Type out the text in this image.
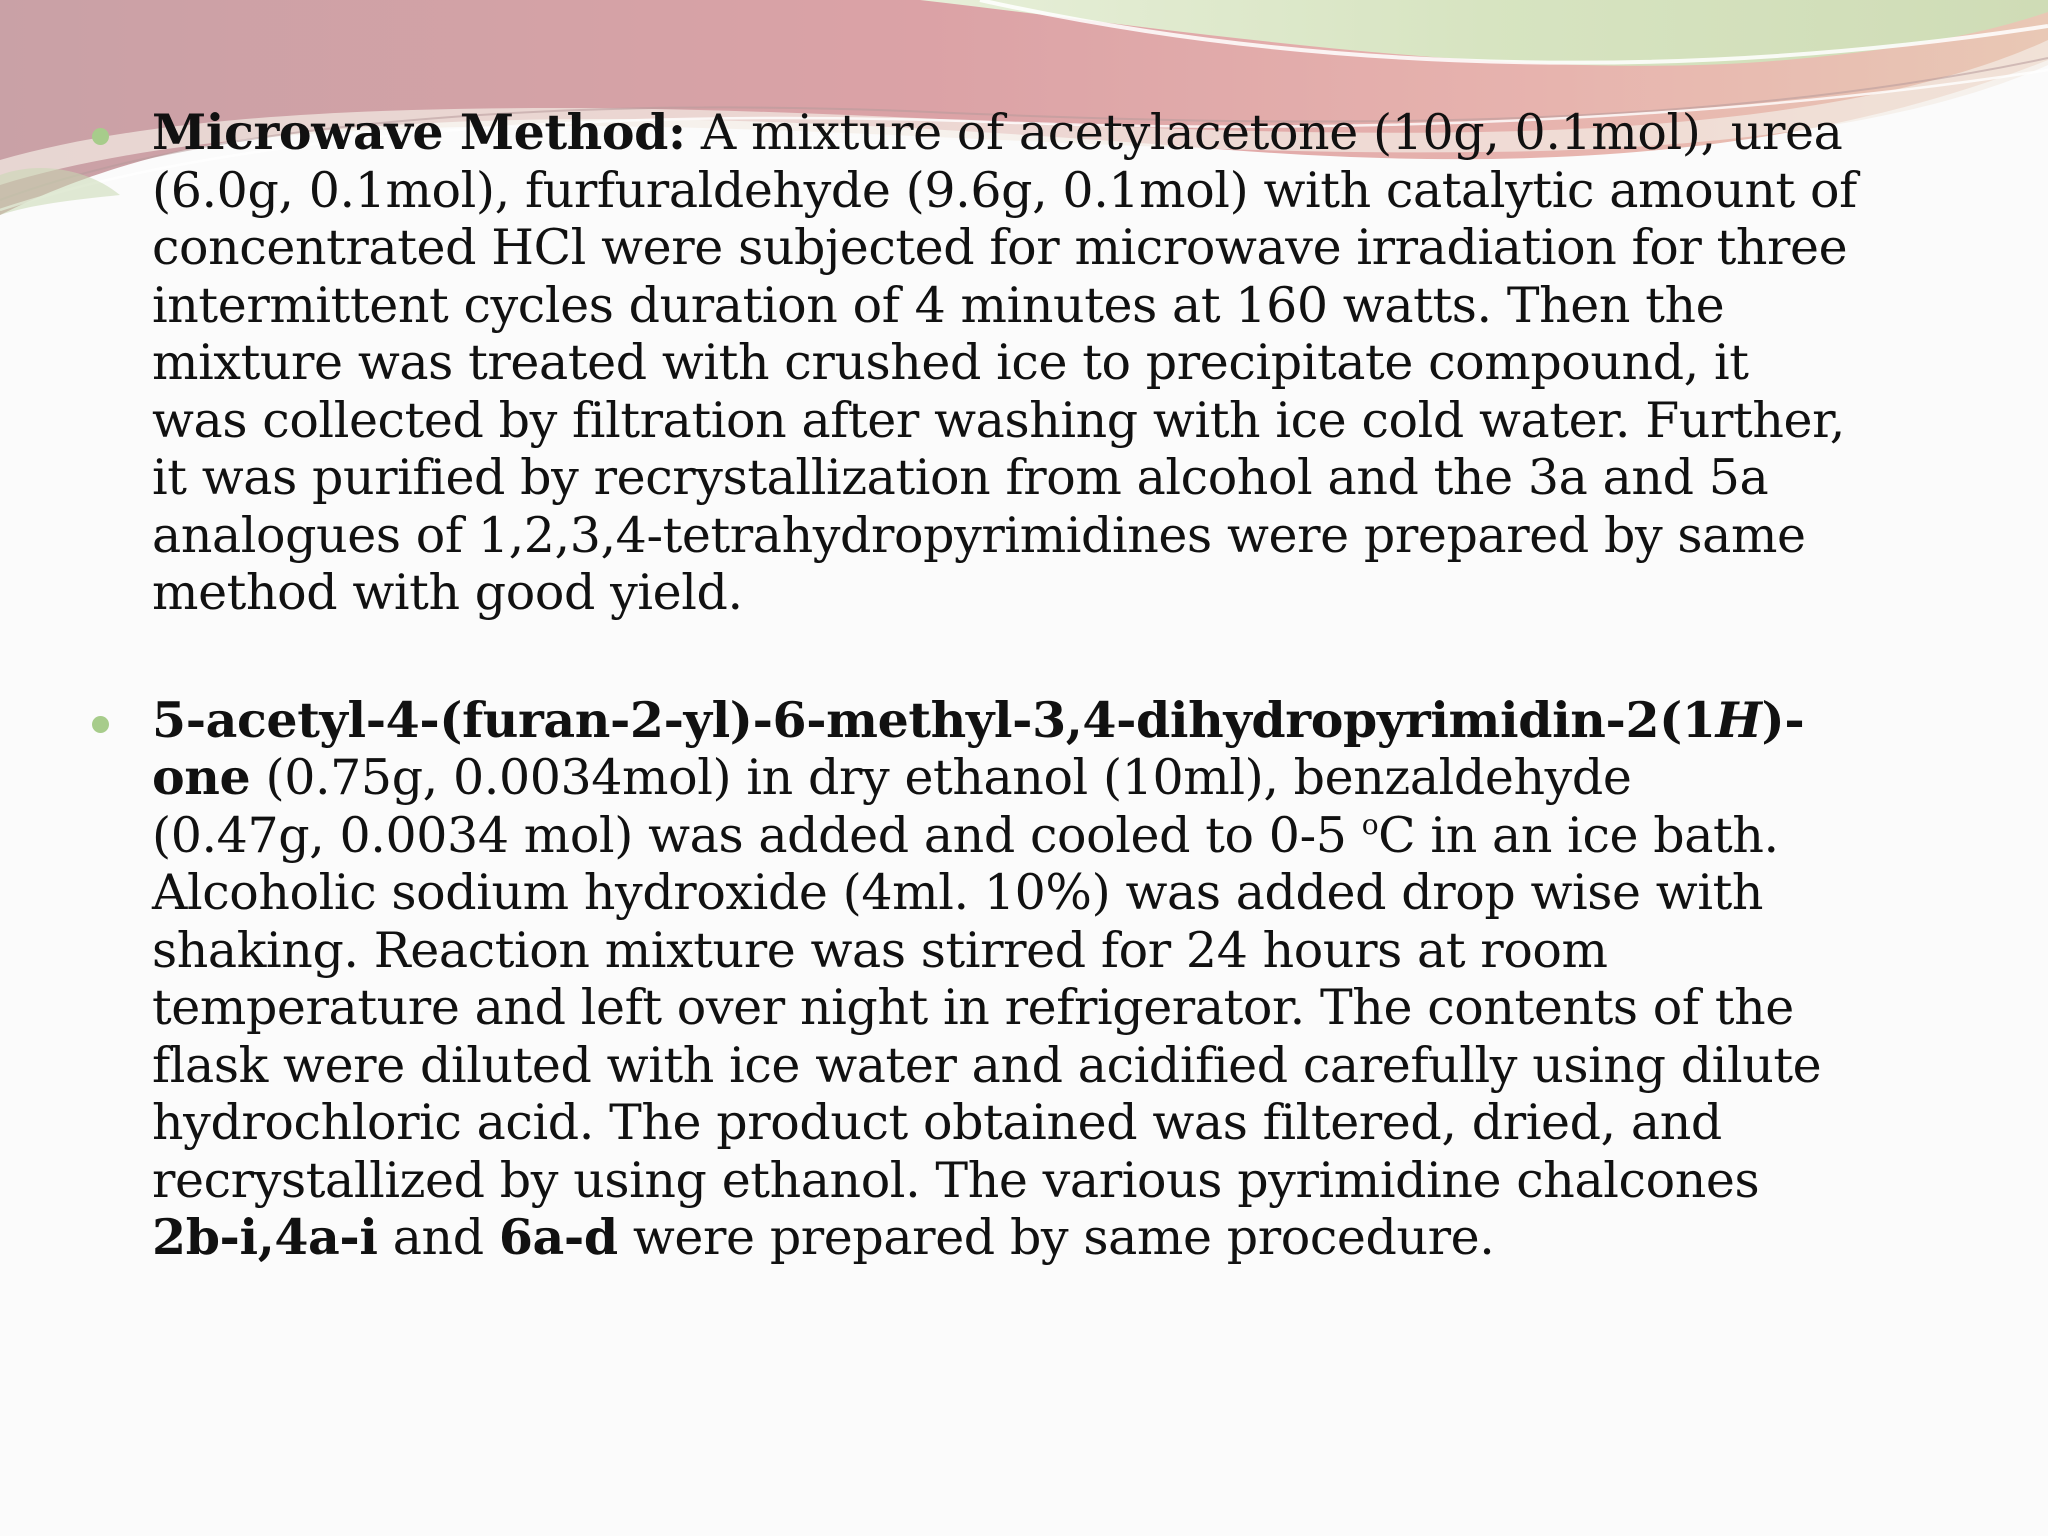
Microwave Method: A mixture of acetylacetone (10g, 0.1mol), urea
(6.0g, 0.1mol), furfuraldehyde (9.6g, 0.1mol) with catalytic amount of
concentrated HCl were subjected for microwave irradiation for three
intermittent cycles duration of 4 minutes at 160 watts. Then the
mixture was treated with crushed ice to precipitate compound, it
was collected by filtration after washing with ice cold water. Further,
it was purified by recrystallization from alcohol and the 3a and 5a
analogues of 1,2,3,4-tetrahydropyrimidines were prepared by same
method with good yield.
5-acetyl-4-(furan-2-yl)-6-methyl-3,4-dihydropyrimidin-2(1H)-
one (0.75g, 0.0034mol) in dry ethanol (10ml), benzaldehyde
(0.47g, 0.0034 mol) was added and cooled to 0-5 $^o$C in an ice bath.
Alcoholic sodium hydroxide (4ml. 10%) was added drop wise with
shaking. Reaction mixture was stirred for 24 hours at room
temperature and left over night in refrigerator. The contents of the
flask were diluted with ice water and acidified carefully using dilute
hydrochloric acid. The product obtained was filtered, dried, and
recrystallized by using ethanol. The various pyrimidine chalcones
2b-i,4a-i and 6a-d were prepared by same procedure.
